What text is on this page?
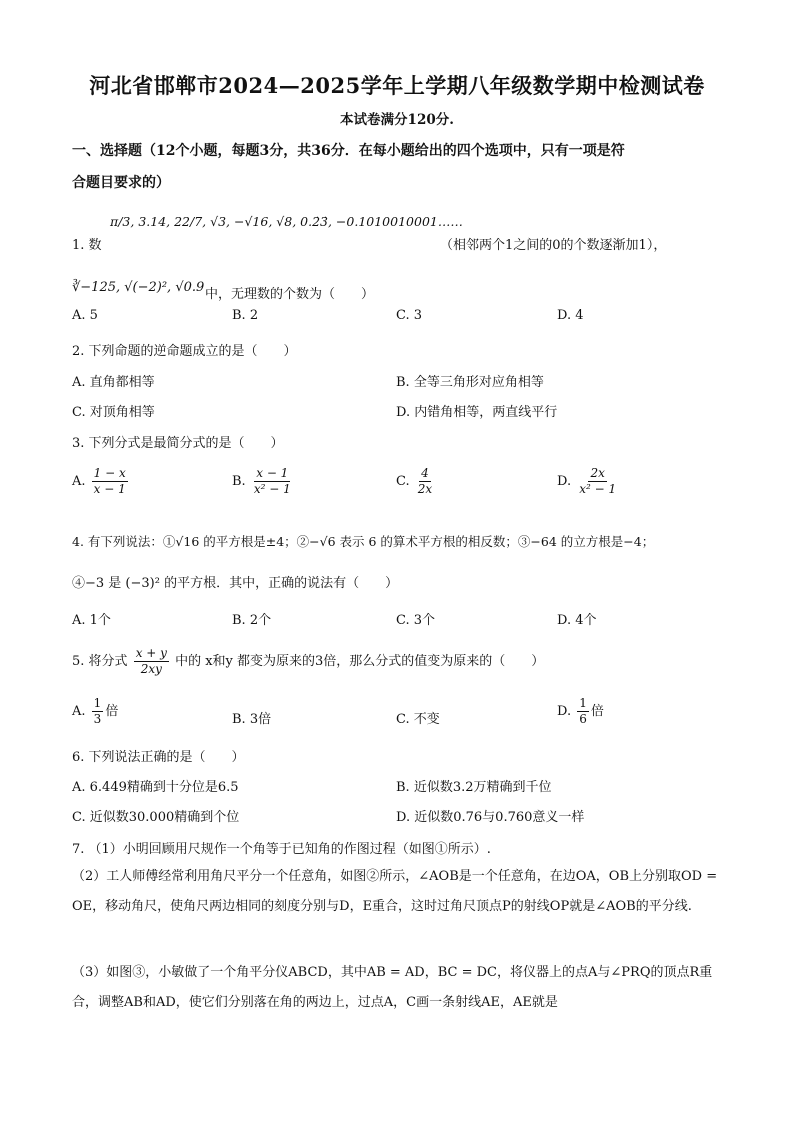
河北省邯郸市2024—2025学年上学期八年级数学期中检测试卷
本试卷满分120分.
一、选择题（12个小题，每题3分，共36分．在每小题给出的四个选项中，只有一项是符
合题目要求的）
1. 数
π/3, 3.14, 22/7, √3, −√16, √8, 0.2̇3̇, −0.1010010001……
（相邻两个1之间的0的个数逐渐加1），
∛−125, √(−2)², √0.9 中，无理数的个数为（　　）
A. 5	B. 2	C. 3	D. 4
2. 下列命题的逆命题成立的是（　　）
A. 直角都相等	B. 全等三角形对应角相等
C. 对顶角相等	D. 内错角相等，两直线平行
3. 下列分式是最简分式的是（　　）
A. $\frac{1 - x}{x - 1}$	B. $\frac{x - 1}{\text{x² − 1}}$	C. $\frac{4}{2x}$	D. $\frac{2x}{\text{x² − 1}}$
4. 有下列说法：①√16 的平方根是±4；②−√6 表示 6 的算术平方根的相反数；③−64 的立方根是−4；
④−3 是 (−3)² 的平方根．其中，正确的说法有（　　）
A. 1个	B. 2个	C. 3个	D. 4个
5. 将分式 $\frac{x + y}{2xy}$ 中的 x和y 都变为原来的3倍，那么分式的值变为原来的（　　）
A. $\frac{1}{3}$ 倍
B. 3倍	C. 不变
D. $\frac{1}{6}$ 倍
6. 下列说法正确的是（　　）
A. 6.449精确到十分位是6.5	B. 近似数3.2万精确到千位
C. 近似数30.000精确到个位	D. 近似数0.76与0.760意义一样
7. （1）小明回顾用尺规作一个角等于已知角的作图过程（如图①所示）.
（2）工人师傅经常利用角尺平分一个任意角，如图②所示，∠AOB是一个任意角，在边OA，OB上分别取OD = OE，移动角尺，使角尺两边相同的刻度分别与D，E重合，这时过角尺顶点P的射线OP就是∠AOB的平分线.
（3）如图③，小敏做了一个角平分仪ABCD，其中AB = AD，BC = DC，将仪器上的点A与∠PRQ的顶点R重合，调整AB和AD，使它们分别落在角的两边上，过点A，C画一条射线AE，AE就是
